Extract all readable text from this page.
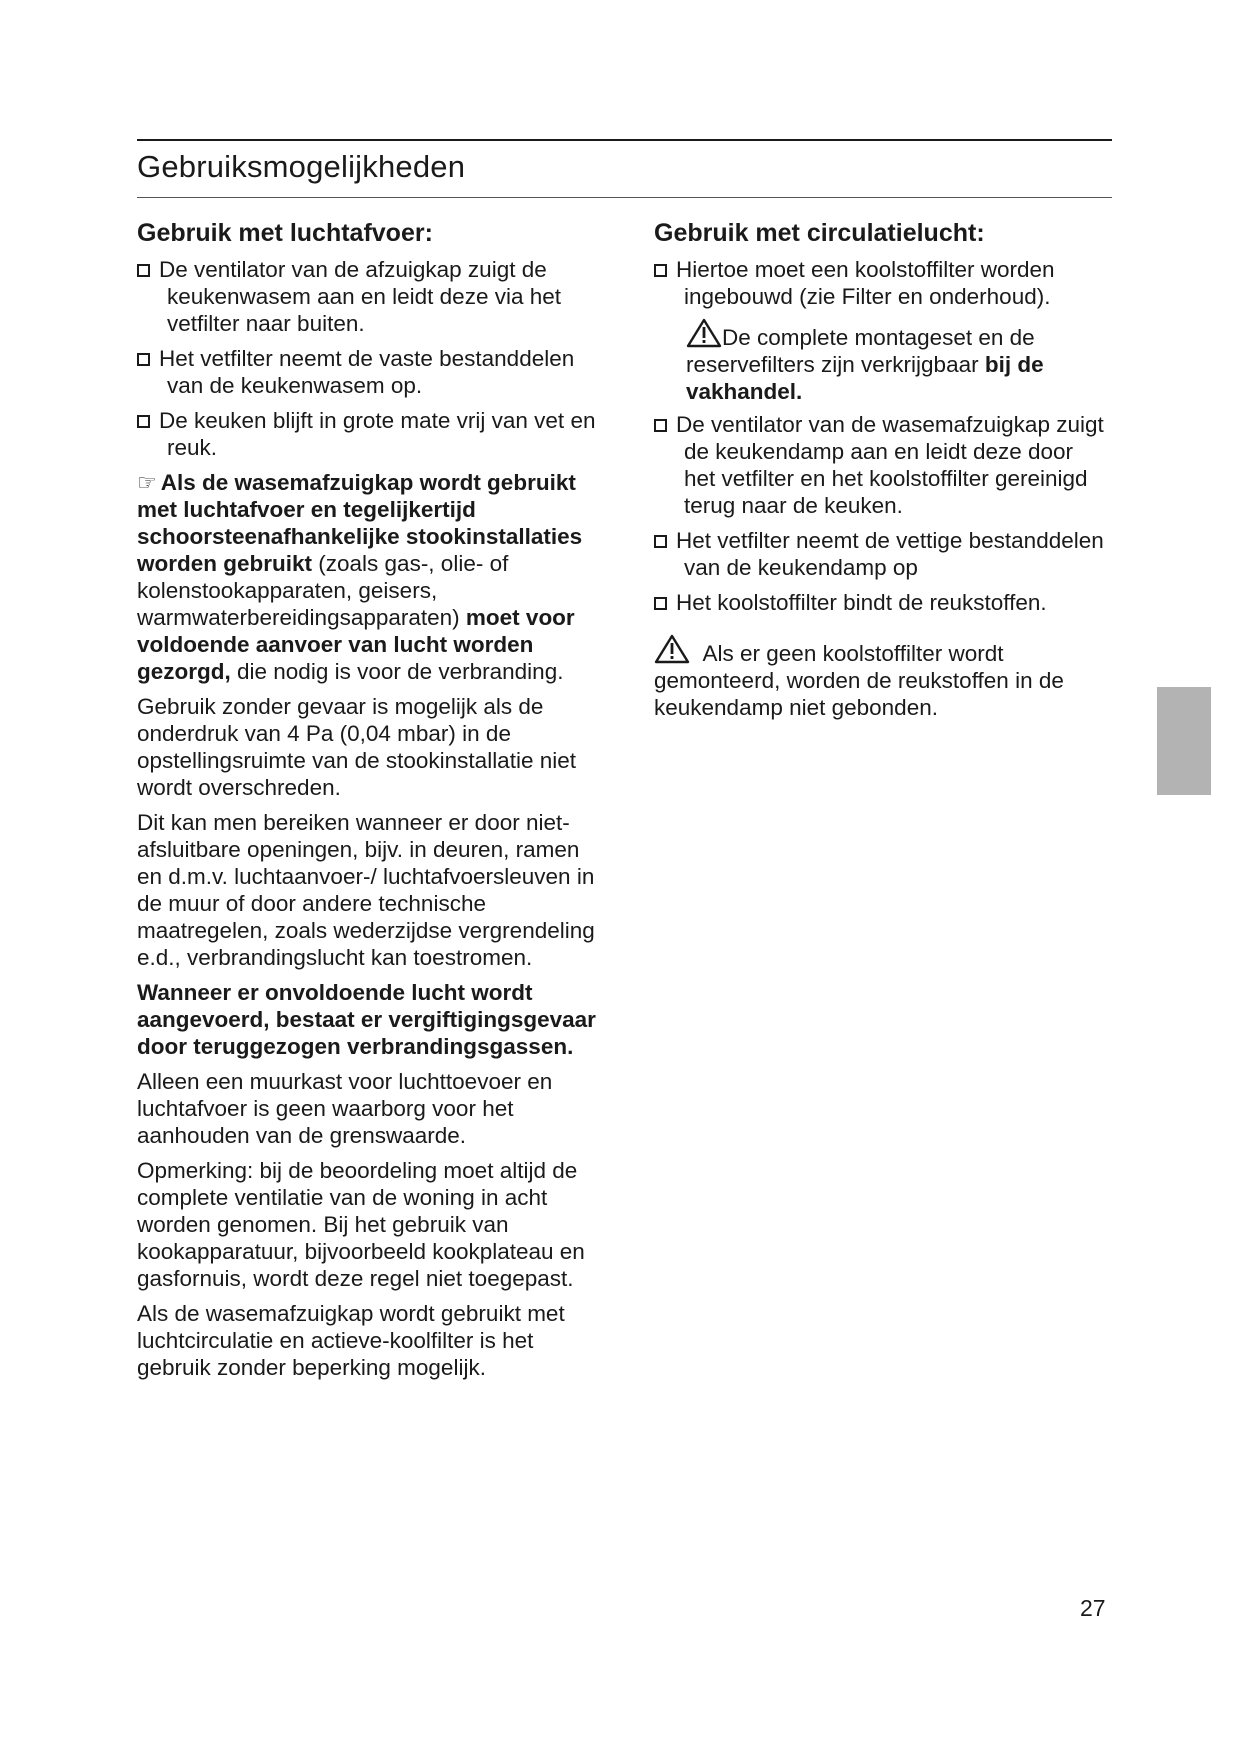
Gebruiksmogelijkheden
Gebruik met luchtafvoer:

De ventilator van de afzuigkap zuigt de keukenwasem aan en leidt deze via het vetfilter naar buiten.

Het vetfilter neemt de vaste bestanddelen van de keukenwasem op.

De keuken blijft in grote mate vrij van vet en reuk.

☞ Als de wasemafzuigkap wordt gebruikt met luchtafvoer en tegelijkertijd schoorsteenafhankelijke stookinstallaties worden gebruikt (zoals gas-, olie- of kolenstookapparaten, geisers, warmwaterbereidingsapparaten) moet voor voldoende aanvoer van lucht worden gezorgd, die nodig is voor de verbranding.

Gebruik zonder gevaar is mogelijk als de onderdruk van 4 Pa (0,04 mbar) in de opstellingsruimte van de stookinstallatie niet wordt overschreden.

Dit kan men bereiken wanneer er door niet-afsluitbare openingen, bijv. in deuren, ramen en d.m.v. luchtaanvoer-/ luchtafvoersleuven in de muur of door andere technische maatregelen, zoals wederzijdse vergrendeling e.d., verbrandingslucht kan toestromen.

Wanneer er onvoldoende lucht wordt aangevoerd, bestaat er vergiftigingsgevaar door teruggezogen verbrandingsgassen.

Alleen een muurkast voor luchttoevoer en luchtafvoer is geen waarborg voor het aanhouden van de grenswaarde.

Opmerking: bij de beoordeling moet altijd de complete ventilatie van de woning in acht worden genomen. Bij het gebruik van kookapparatuur, bijvoorbeeld kookplateau en gasfornuis, wordt deze regel niet toegepast.

Als de wasemafzuigkap wordt gebruikt met luchtcirculatie en actieve-koolfilter is het gebruik zonder beperking mogelijk.

Gebruik met circulatielucht:

Hiertoe moet een koolstoffilter worden ingebouwd (zie Filter en onderhoud).

De complete montageset en de reservefilters zijn verkrijgbaar bij de vakhandel.

De ventilator van de wasemafzuigkap zuigt de keukendamp aan en leidt deze door het vetfilter en het koolstoffilter gereinigd terug naar de keuken.

Het vetfilter neemt de vettige bestanddelen van de keukendamp op

Het koolstoffilter bindt de reukstoffen.

Als er geen koolstoffilter wordt gemonteerd, worden de reukstoffen in de keukendamp niet gebonden.

27
